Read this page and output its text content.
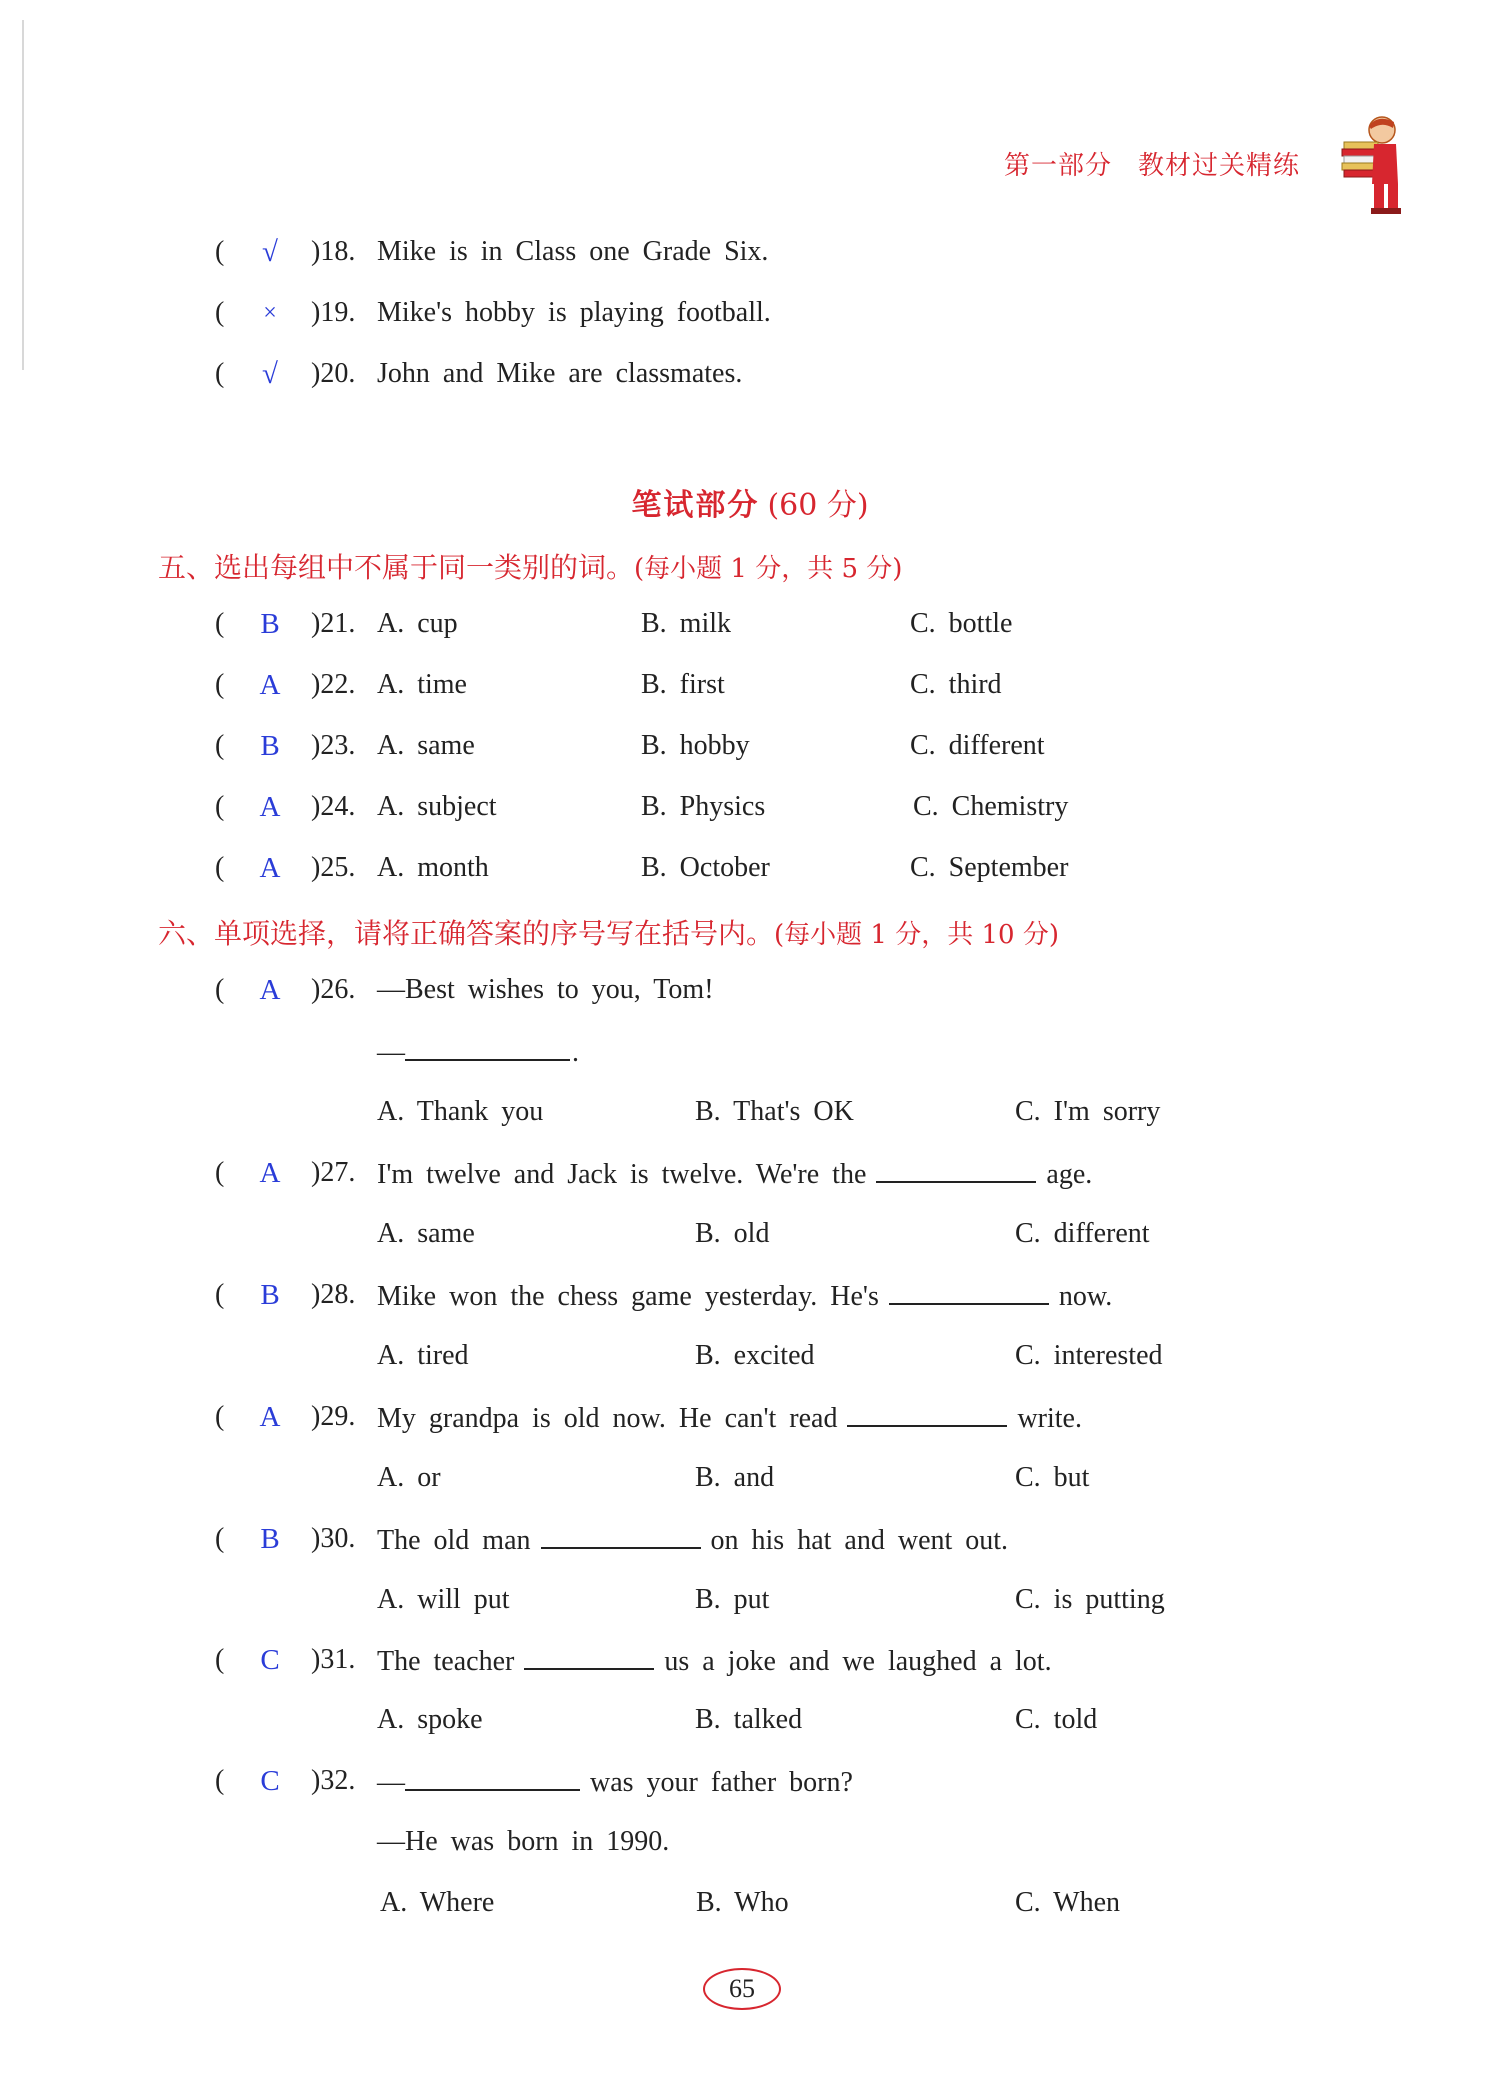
第一部分 教材过关精练
(	√	)18. Mike is in Class one Grade Six.
(	×	)19. Mike's hobby is playing football.
(	√	)20. John and Mike are classmates.
笔试部分 (60 分)
五、选出每组中不属于同一类别的词。(每小题 1 分，共 5 分)
( B )21. A. cup	B. milk	C. bottle
( A )22. A. time	B. first	C. third
( B )23. A. same	B. hobby	C. different
( A )24. A. subject	B. Physics	C. Chemistry
( A )25. A. month	B. October	C. September
六、单项选择，请将正确答案的序号写在括号内。(每小题 1 分，共 10 分)
( A )26. —Best wishes to you, Tom!
—	.
A. Thank you	B. That's OK	C. I'm sorry
( A )27. I'm twelve and Jack is twelve. We're the	age.
A. same	B. old	C. different
( B )28. Mike won the chess game yesterday. He's	now.
A. tired	B. excited	C. interested
( A )29. My grandpa is old now. He can't read	write.
A. or	B. and	C. but
( B )30. The old man	on his hat and went out.
A. will put	B. put	C. is putting
( C )31. The teacher	us a joke and we laughed a lot.
A. spoke	B. talked	C. told
( C )32. —	was your father born?
—He was born in 1990.
A. Where	B. Who	C. When
65
